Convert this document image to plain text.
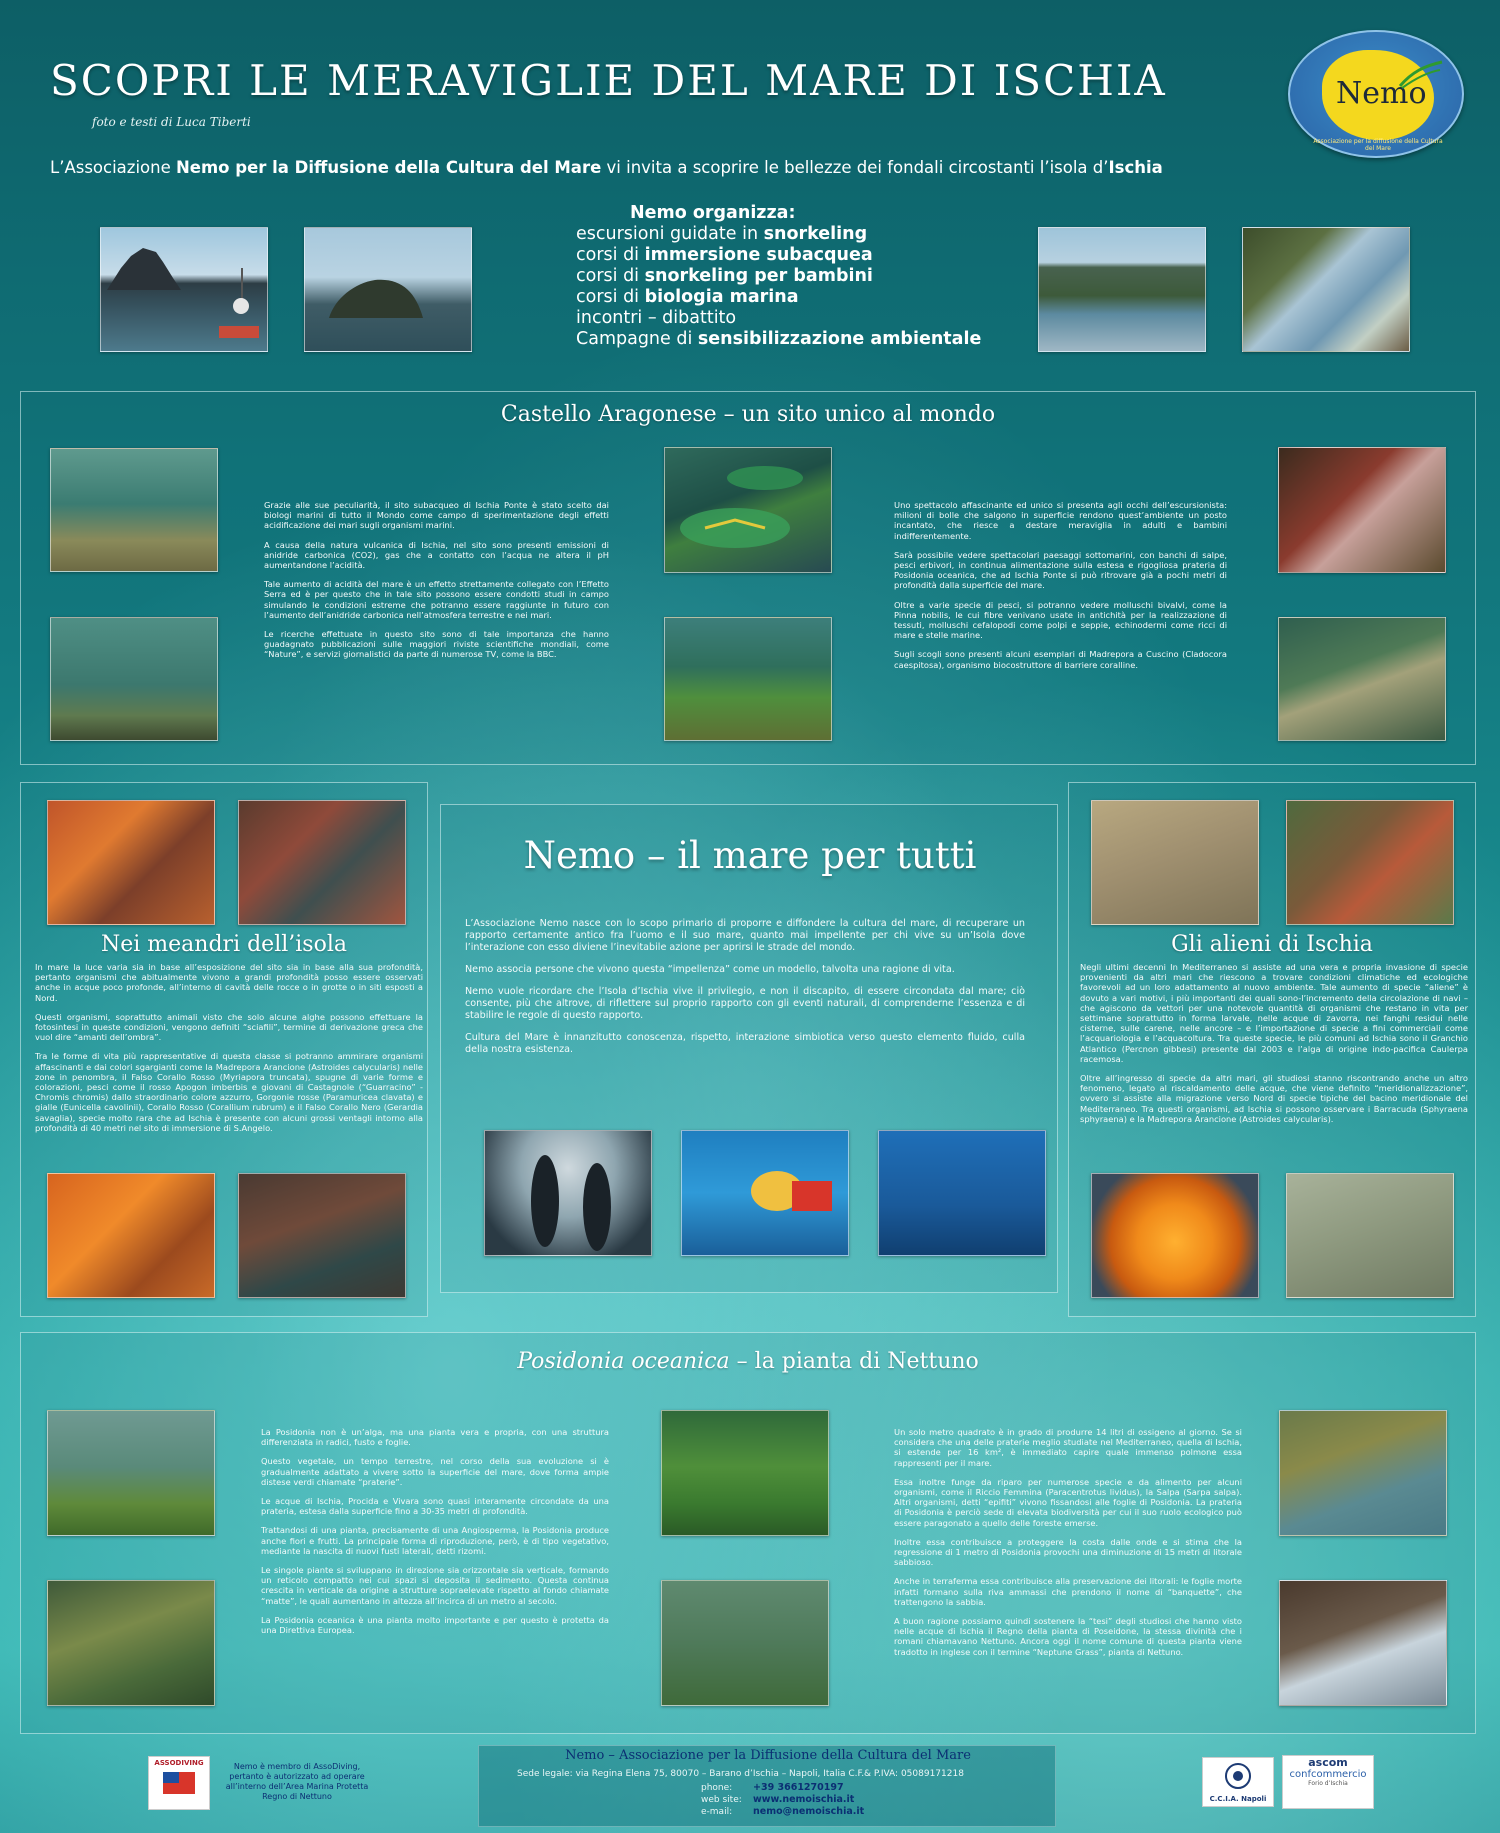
SCOPRI LE MERAVIGLIE DEL MARE DI ISCHIA
foto e testi di Luca Tiberti
Nemo
Associazione per la diffusione della Cultura del Mare
L’Associazione Nemo per la Diffusione della Cultura del Mare vi invita a scoprire le bellezze dei fondali circostanti l’isola d’Ischia
Nemo organizza:
escursioni guidate in snorkeling
corsi di immersione subacquea
corsi di snorkeling per bambini
corsi di biologia marina
incontri – dibattito
Campagne di sensibilizzazione ambientale
Castello Aragonese – un sito unico al mondo

Grazie alle sue peculiarità, il sito subacqueo di Ischia Ponte è stato scelto dai biologi marini di tutto il Mondo come campo di sperimentazione degli effetti acidificazione dei mari sugli organismi marini.

A causa della natura vulcanica di Ischia, nel sito sono presenti emissioni di anidride carbonica (CO2), gas che a contatto con l’acqua ne altera il pH aumentandone l’acidità.

Tale aumento di acidità del mare è un effetto strettamente collegato con l’Effetto Serra ed è per questo che in tale sito possono essere condotti studi in campo simulando le condizioni estreme che potranno essere raggiunte in futuro con l’aumento dell’anidride carbonica nell’atmosfera terrestre e nei mari.

Le ricerche effettuate in questo sito sono di tale importanza che hanno guadagnato pubblicazioni sulle maggiori riviste scientifiche mondiali, come “Nature”, e servizi giornalistici da parte di numerose TV, come la BBC.

Uno spettacolo affascinante ed unico si presenta agli occhi dell’escursionista: milioni di bolle che salgono in superficie rendono quest’ambiente un posto incantato, che riesce a destare meraviglia in adulti e bambini indifferentemente.

Sarà possibile vedere spettacolari paesaggi sottomarini, con banchi di salpe, pesci erbivori, in continua alimentazione sulla estesa e rigogliosa prateria di Posidonia oceanica, che ad Ischia Ponte si può ritrovare già a pochi metri di profondità dalla superficie del mare.

Oltre a varie specie di pesci, si potranno vedere molluschi bivalvi, come la Pinna nobilis, le cui fibre venivano usate in antichità per la realizzazione di tessuti, molluschi cefalopodi come polpi e seppie, echinodermi come ricci di mare e stelle marine.

Sugli scogli sono presenti alcuni esemplari di Madrepora a Cuscino (Cladocora caespitosa), organismo biocostruttore di barriere coralline.

Nei meandri dell’isola

In mare la luce varia sia in base all’esposizione del sito sia in base alla sua profondità, pertanto organismi che abitualmente vivono a grandi profondità posso essere osservati anche in acque poco profonde, all’interno di cavità delle rocce o in grotte o in siti esposti a Nord.

Questi organismi, soprattutto animali visto che solo alcune alghe possono effettuare la fotosintesi in queste condizioni, vengono definiti “sciafili”, termine di derivazione greca che vuol dire “amanti dell’ombra”.

Tra le forme di vita più rappresentative di questa classe si potranno ammirare organismi affascinanti e dai colori sgargianti come la Madrepora Arancione (Astroides calycularis) nelle zone in penombra, il Falso Corallo Rosso (Myriapora truncata), spugne di varie forme e colorazioni, pesci come il rosso Apogon imberbis e giovani di Castagnole (“Guarracino” - Chromis chromis) dallo straordinario colore azzurro, Gorgonie rosse (Paramuricea clavata) e gialle (Eunicella cavolinii), Corallo Rosso (Corallium rubrum) e il Falso Corallo Nero (Gerardia savaglia), specie molto rara che ad Ischia è presente con alcuni grossi ventagli intorno alla profondità di 40 metri nel sito di immersione di S.Angelo.

Nemo – il mare per tutti

L’Associazione Nemo nasce con lo scopo primario di proporre e diffondere la cultura del mare, di recuperare un rapporto certamente antico fra l’uomo e il suo mare, quanto mai impellente per chi vive su un’Isola dove l’interazione con esso diviene l’inevitabile azione per aprirsi le strade del mondo.

Nemo associa persone che vivono questa “impellenza” come un modello, talvolta una ragione di vita.

Nemo vuole ricordare che l’Isola d’Ischia vive il privilegio, e non il discapito, di essere circondata dal mare; ciò consente, più che altrove, di riflettere sul proprio rapporto con gli eventi naturali, di comprenderne l’essenza e di stabilire le regole di questo rapporto.

Cultura del Mare è innanzitutto conoscenza, rispetto, interazione simbiotica verso questo elemento fluido, culla della nostra esistenza.

Gli alieni di Ischia

Negli ultimi decenni In Mediterraneo si assiste ad una vera e propria invasione di specie provenienti da altri mari che riescono a trovare condizioni climatiche ed ecologiche favorevoli ad un loro adattamento al nuovo ambiente. Tale aumento di specie “aliene” è dovuto a vari motivi, i più importanti dei quali sono-l’incremento della circolazione di navi – che agiscono da vettori per una notevole quantità di organismi che restano in vita per settimane soprattutto in forma larvale, nelle acque di zavorra, nei fanghi residui nelle cisterne, sulle carene, nelle ancore – e l’importazione di specie a fini commerciali come l’acquariologia e l’acquacoltura. Tra queste specie, le più comuni ad Ischia sono il Granchio Atlantico (Percnon gibbesi) presente dal 2003 e l’alga di origine indo-pacifica Caulerpa racemosa.

Oltre all’ingresso di specie da altri mari, gli studiosi stanno riscontrando anche un altro fenomeno, legato al riscaldamento delle acque, che viene definito “meridionalizzazione”, ovvero si assiste alla migrazione verso Nord di specie tipiche del bacino meridionale del Mediterraneo. Tra questi organismi, ad Ischia si possono osservare i Barracuda (Sphyraena sphyraena) e la Madrepora Arancione (Astroides calycularis).

Posidonia oceanica – la pianta di Nettuno

La Posidonia non è un’alga, ma una pianta vera e propria, con una struttura differenziata in radici, fusto e foglie.

Questo vegetale, un tempo terrestre, nel corso della sua evoluzione si è gradualmente adattato a vivere sotto la superficie del mare, dove forma ampie distese verdi chiamate “praterie”.

Le acque di Ischia, Procida e Vivara sono quasi interamente circondate da una prateria, estesa dalla superficie fino a 30-35 metri di profondità.

Trattandosi di una pianta, precisamente di una Angiosperma, la Posidonia produce anche fiori e frutti. La principale forma di riproduzione, però, è di tipo vegetativo, mediante la nascita di nuovi fusti laterali, detti rizomi.

Le singole piante si sviluppano in direzione sia orizzontale sia verticale, formando un reticolo compatto nei cui spazi si deposita il sedimento. Questa continua crescita in verticale da origine a strutture sopraelevate rispetto al fondo chiamate “matte”, le quali aumentano in altezza all’incirca di un metro al secolo.

La Posidonia oceanica è una pianta molto importante e per questo è protetta da una Direttiva Europea.

Un solo metro quadrato è in grado di produrre 14 litri di ossigeno al giorno. Se si considera che una delle praterie meglio studiate nel Mediterraneo, quella di Ischia, si estende per 16 km², è immediato capire quale immenso polmone essa rappresenti per il mare.

Essa inoltre funge da riparo per numerose specie e da alimento per alcuni organismi, come il Riccio Femmina (Paracentrotus lividus), la Salpa (Sarpa salpa). Altri organismi, detti “epifiti” vivono fissandosi alle foglie di Posidonia. La prateria di Posidonia è perciò sede di elevata biodiversità per cui il suo ruolo ecologico può essere paragonato a quello delle foreste emerse.

Inoltre essa contribuisce a proteggere la costa dalle onde e si stima che la regressione di 1 metro di Posidonia provochi una diminuzione di 15 metri di litorale sabbioso.

Anche in terraferma essa contribuisce alla preservazione dei litorali: le foglie morte infatti formano sulla riva ammassi che prendono il nome di “banquette”, che trattengono la sabbia.

A buon ragione possiamo quindi sostenere la “tesi” degli studiosi che hanno visto nelle acque di Ischia il Regno della pianta di Poseidone, la stessa divinità che i romani chiamavano Nettuno. Ancora oggi il nome comune di questa pianta viene tradotto in inglese con il termine “Neptune Grass”, pianta di Nettuno.

ASSODIVING	Nemo è membro di AssoDiving, pertanto è autorizzato ad operare all’interno dell’Area Marina Protetta Regno di Nettuno
Nemo – Associazione per la Diffusione della Cultura del Mare
Sede legale: via Regina Elena 75, 80070 – Barano d’Ischia – Napoli, Italia C.F.& P.IVA: 05089171218
phone: +39 3661270197
web site: www.nemoischia.it
e-mail: nemo@nemoischia.it
C.C.I.A. Napoli
ascom
confcommercio
Forio d’Ischia
